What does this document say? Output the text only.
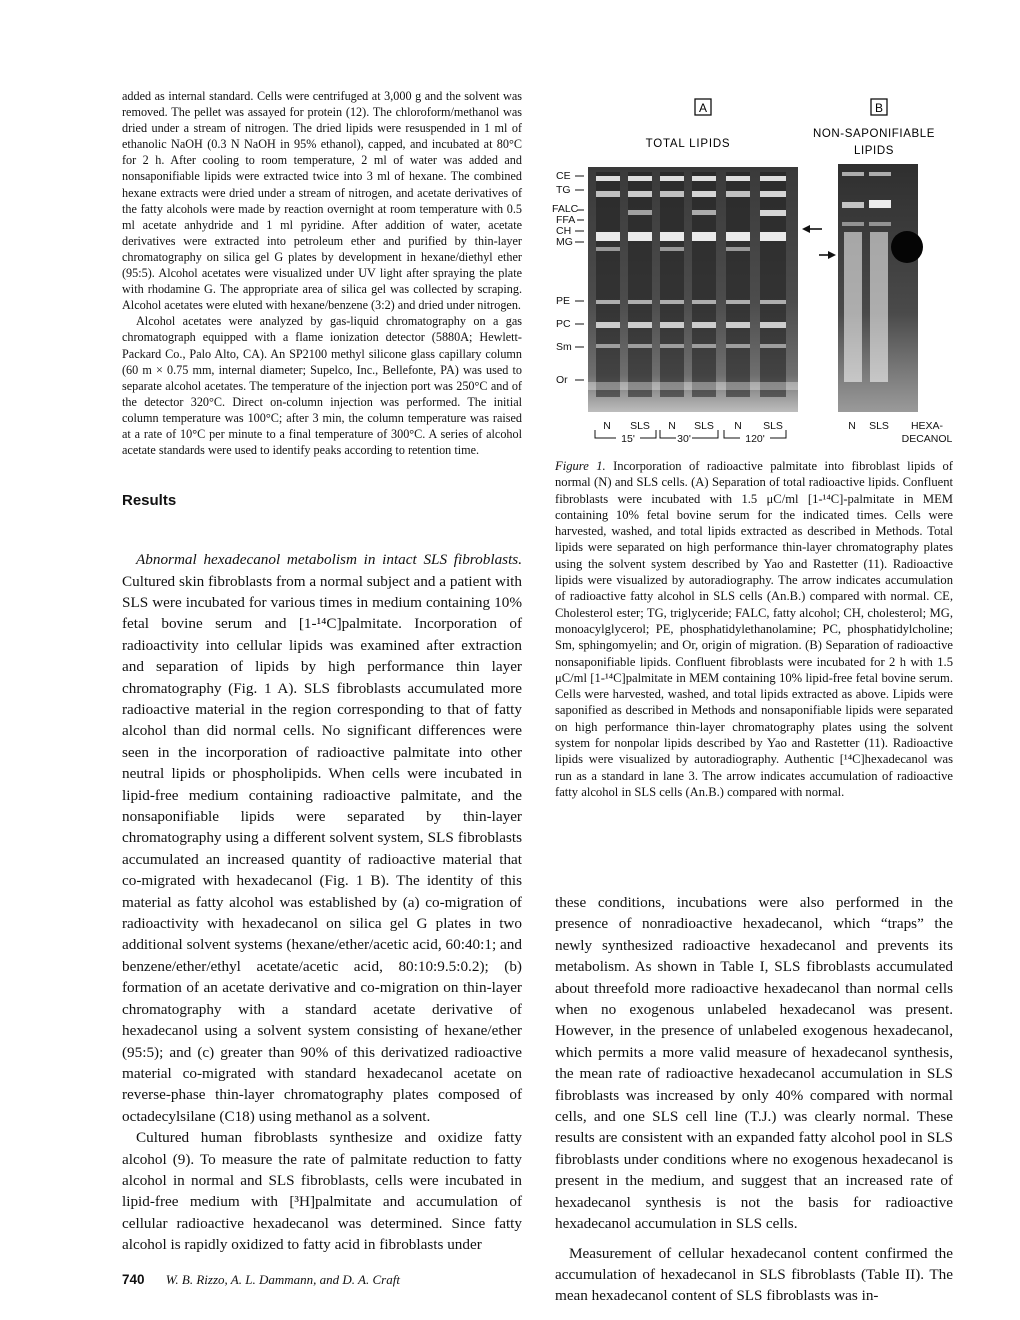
added as internal standard. Cells were centrifuged at 3,000 g and the solvent was removed. The pellet was assayed for protein (12). The chloroform/methanol was dried under a stream of nitrogen. The dried lipids were resuspended in 1 ml of ethanolic NaOH (0.3 N NaOH in 95% ethanol), capped, and incubated at 80°C for 2 h. After cooling to room temperature, 2 ml of water was added and nonsaponifiable lipids were extracted twice into 3 ml of hexane. The combined hexane extracts were dried under a stream of nitrogen, and acetate derivatives of the fatty alcohols were made by reaction overnight at room temperature with 0.5 ml acetate anhydride and 1 ml pyridine. After addition of water, acetate derivatives were extracted into petroleum ether and purified by thin-layer chromatography on silica gel G plates by development in hexane/diethyl ether (95:5). Alcohol acetates were visualized under UV light after spraying the plate with rhodamine G. The appropriate area of silica gel was collected by scraping. Alcohol acetates were eluted with hexane/benzene (3:2) and dried under nitrogen.

Alcohol acetates were analyzed by gas-liquid chromatography on a gas chromatograph equipped with a flame ionization detector (5880A; Hewlett-Packard Co., Palo Alto, CA). An SP2100 methyl silicone glass capillary column (60 m × 0.75 mm, internal diameter; Supelco, Inc., Bellefonte, PA) was used to separate alcohol acetates. The temperature of the injection port was 250°C and of the detector 320°C. Direct on-column injection was performed. The initial column temperature was 100°C; after 3 min, the column temperature was raised at a rate of 10°C per minute to a final temperature of 300°C. A series of alcohol acetate standards were used to identify peaks according to retention time.

Results

Abnormal hexadecanol metabolism in intact SLS fibroblasts. Cultured skin fibroblasts from a normal subject and a patient with SLS were incubated for various times in medium containing 10% fetal bovine serum and [1-¹⁴C]palmitate. Incorporation of radioactivity into cellular lipids was examined after extraction and separation of lipids by high performance thin layer chromatography (Fig. 1 A). SLS fibroblasts accumulated more radioactive material in the region corresponding to that of fatty alcohol than did normal cells. No significant differences were seen in the incorporation of radioactive palmitate into other neutral lipids or phospholipids. When cells were incubated in lipid-free medium containing radioactive palmitate, and the nonsaponifiable lipids were separated by thin-layer chromatography using a different solvent system, SLS fibroblasts accumulated an increased quantity of radioactive material that co-migrated with hexadecanol (Fig. 1 B). The identity of this material as fatty alcohol was established by (a) co-migration of radioactivity with hexadecanol on silica gel G plates in two additional solvent systems (hexane/ether/acetic acid, 60:40:1; and benzene/ether/ethyl acetate/acetic acid, 80:10:9.5:0.2); (b) formation of an acetate derivative and co-migration on thin-layer chromatography with a standard acetate derivative of hexadecanol using a solvent system consisting of hexane/ether (95:5); and (c) greater than 90% of this derivatized radioactive material co-migrated with standard hexadecanol acetate on reverse-phase thin-layer chromatography plates composed of octadecylsilane (C18) using methanol as a solvent.

Cultured human fibroblasts synthesize and oxidize fatty alcohol (9). To measure the rate of palmitate reduction to fatty alcohol in normal and SLS fibroblasts, cells were incubated in lipid-free medium with [³H]palmitate and accumulation of cellular radioactive hexadecanol was determined. Since fatty alcohol is rapidly oxidized to fatty acid in fibroblasts under

A	B
TOTAL LIPIDS
NON-SAPONIFIABLE
LIPIDS
CE
TG
FALC
FFA
CH
MG
PE
PC
Sm
Or
N SLS N SLS N SLS
15'	30'	120'
N SLS HEXA-
DECANOL

Figure 1. Incorporation of radioactive palmitate into fibroblast lipids of normal (N) and SLS cells. (A) Separation of total radioactive lipids. Confluent fibroblasts were incubated with 1.5 μC/ml [1-¹⁴C]-palmitate in MEM containing 10% fetal bovine serum for the indicated times. Cells were harvested, washed, and total lipids extracted as described in Methods. Total lipids were separated on high performance thin-layer chromatography plates using the solvent system described by Yao and Rastetter (11). Radioactive lipids were visualized by autoradiography. The arrow indicates accumulation of radioactive fatty alcohol in SLS cells (An.B.) compared with normal. CE, Cholesterol ester; TG, triglyceride; FALC, fatty alcohol; CH, cholesterol; MG, monoacylglycerol; PE, phosphatidylethanolamine; PC, phosphatidylcholine; Sm, sphingomyelin; and Or, origin of migration. (B) Separation of radioactive nonsaponifiable lipids. Confluent fibroblasts were incubated for 2 h with 1.5 μC/ml [1-¹⁴C]palmitate in MEM containing 10% lipid-free fetal bovine serum. Cells were harvested, washed, and total lipids extracted as above. Lipids were saponified as described in Methods and nonsaponifiable lipids were separated on high performance thin-layer chromatography plates using the solvent system for nonpolar lipids described by Yao and Rastetter (11). Radioactive lipids were visualized by autoradiography. Authentic [¹⁴C]hexadecanol was run as a standard in lane 3. The arrow indicates accumulation of radioactive fatty alcohol in SLS cells (An.B.) compared with normal.

these conditions, incubations were also performed in the presence of nonradioactive hexadecanol, which “traps” the newly synthesized radioactive hexadecanol and prevents its metabolism. As shown in Table I, SLS fibroblasts accumulated about threefold more radioactive hexadecanol than normal cells when no exogenous unlabeled hexadecanol was present. However, in the presence of unlabeled exogenous hexadecanol, which permits a more valid measure of hexadecanol synthesis, the mean rate of radioactive hexadecanol accumulation in SLS fibroblasts was increased by only 40% compared with normal cells, and one SLS cell line (T.J.) was clearly normal. These results are consistent with an expanded fatty alcohol pool in SLS fibroblasts under conditions where no exogenous hexadecanol is present in the medium, and suggest that an increased rate of hexadecanol synthesis is not the basis for radioactive hexadecanol accumulation in SLS cells.

Measurement of cellular hexadecanol content confirmed the accumulation of hexadecanol in SLS fibroblasts (Table II). The mean hexadecanol content of SLS fibroblasts was in-

740 W. B. Rizzo, A. L. Dammann, and D. A. Craft
